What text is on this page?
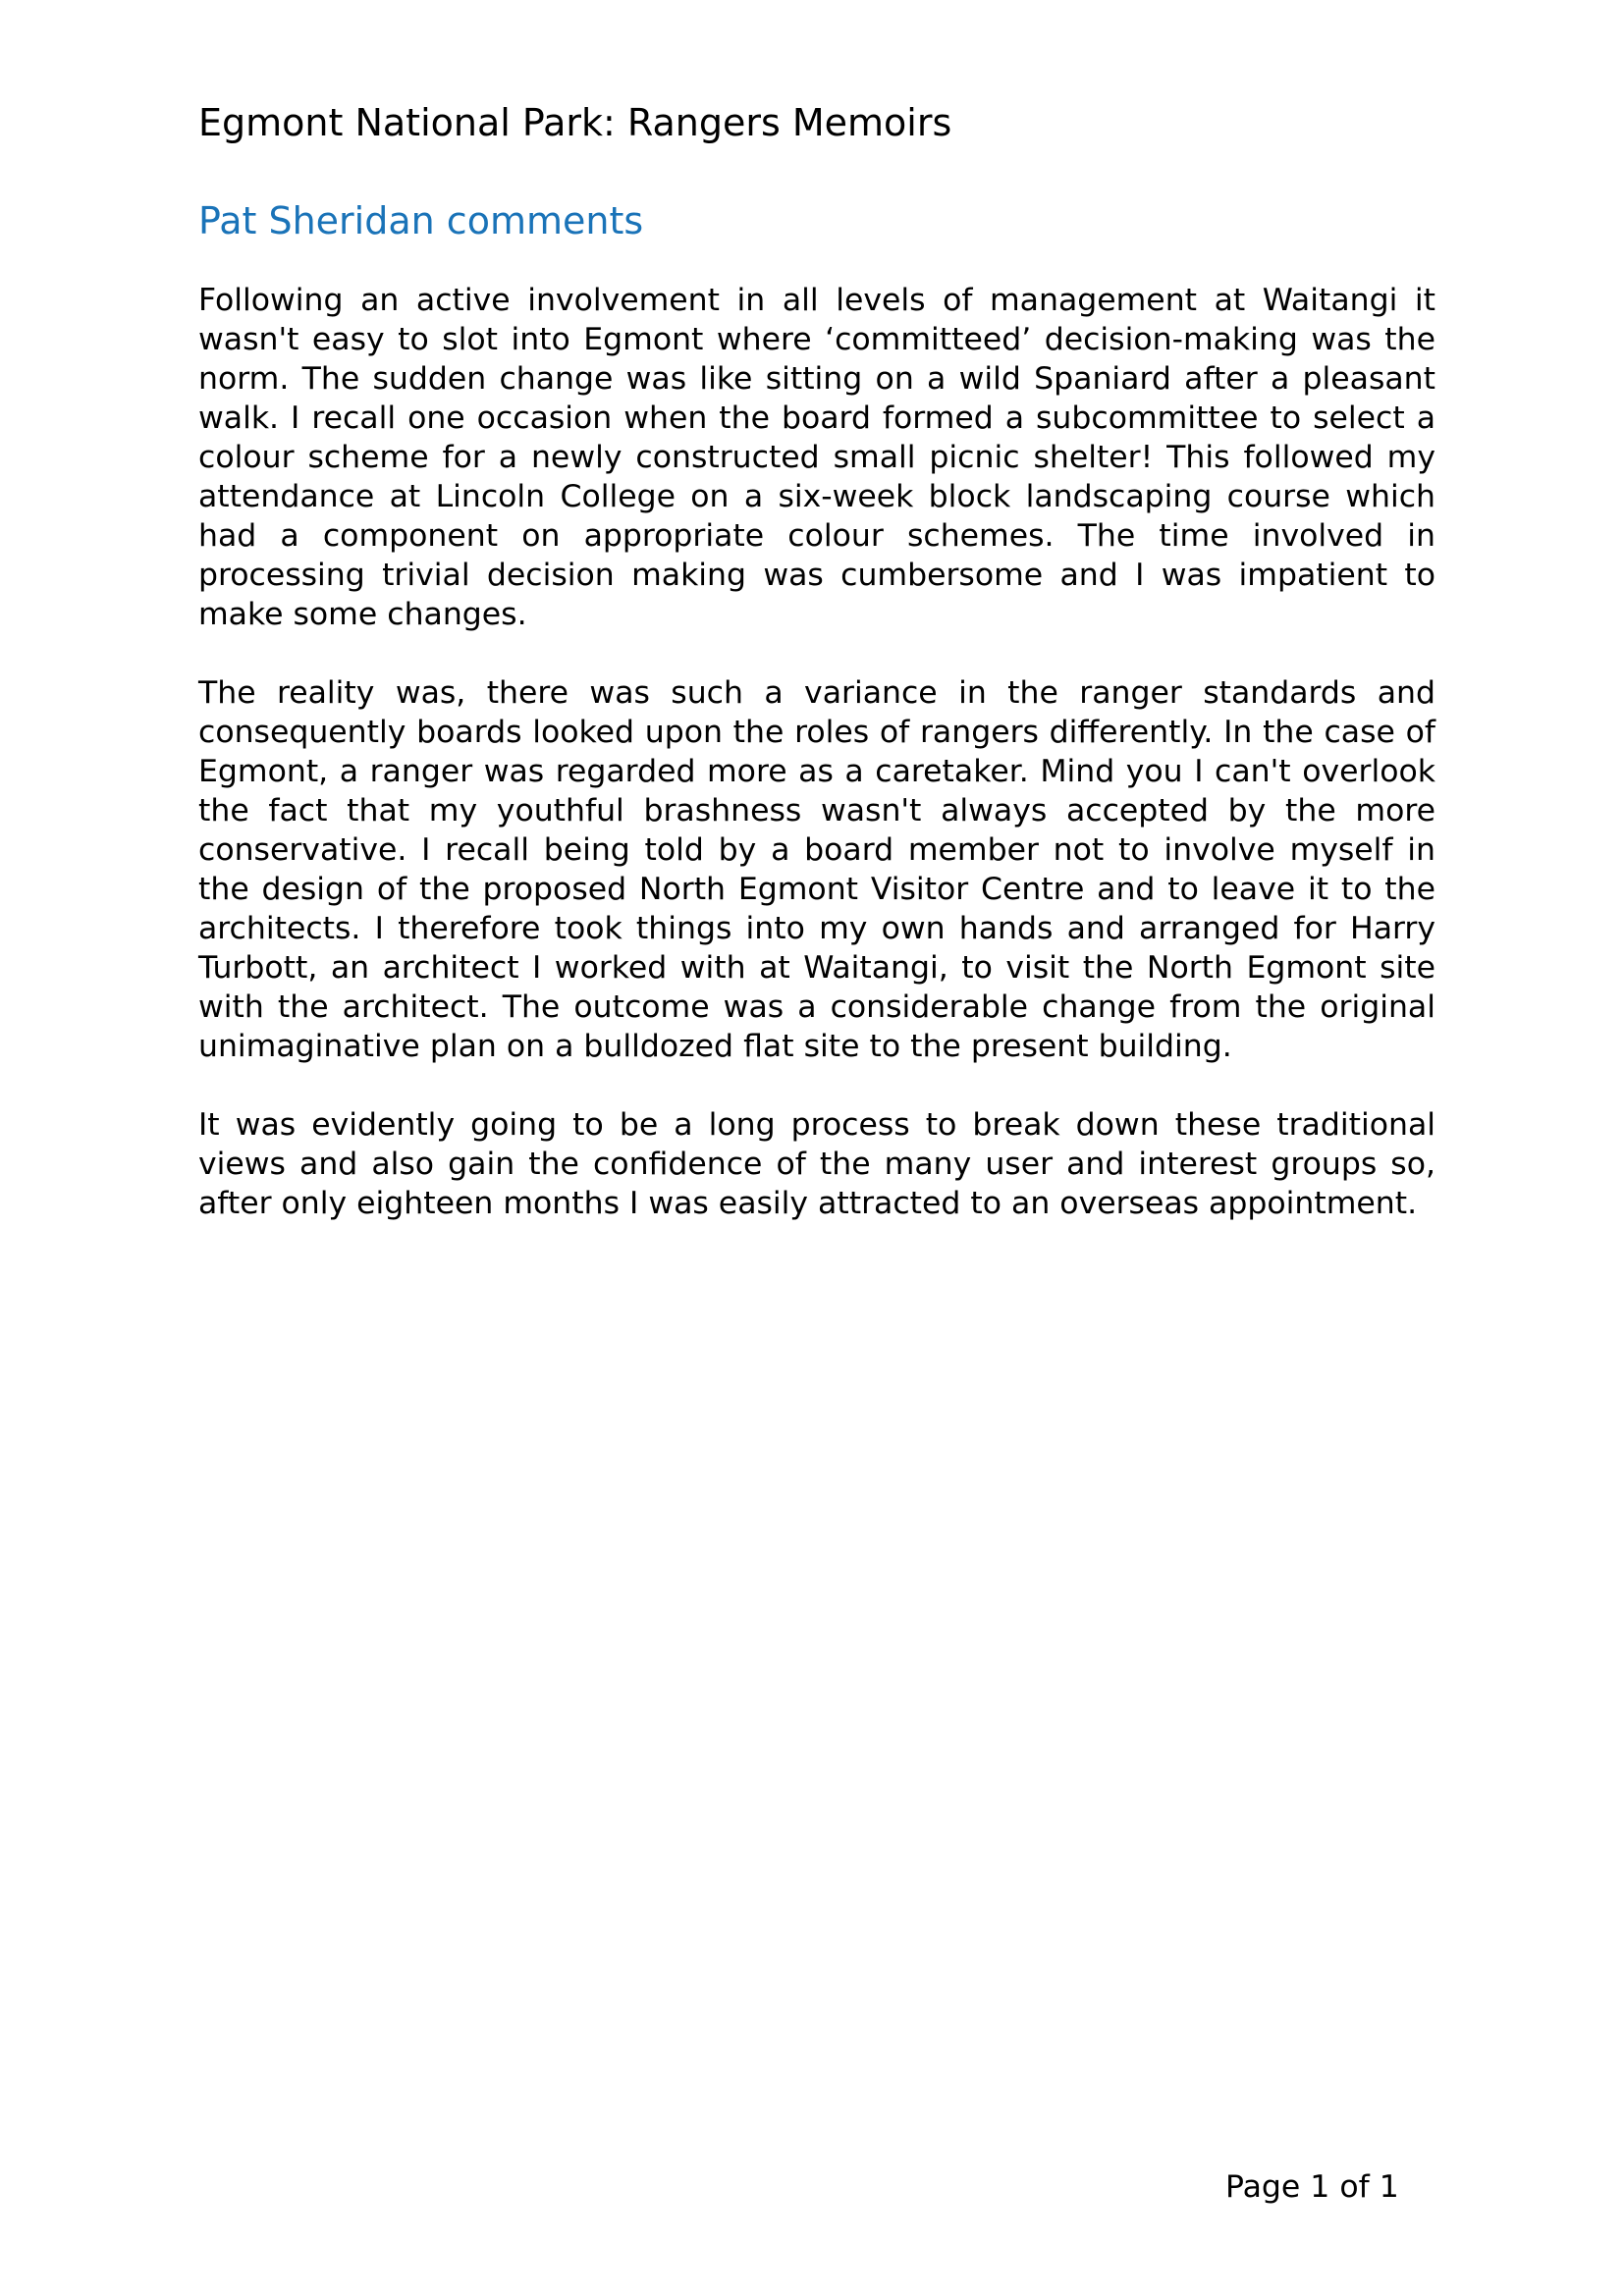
Egmont National Park: Rangers Memoirs
Pat Sheridan comments

Following an active involvement in all levels of management at Waitangi it wasn't easy to slot into Egmont where ‘committeed’ decision-making was the norm. The sudden change was like sitting on a wild Spaniard after a pleasant walk. I recall one occasion when the board formed a subcommittee to select a colour scheme for a newly constructed small picnic shelter! This followed my attendance at Lincoln College on a six-week block landscaping course which had a component on appropriate colour schemes. The time involved in processing trivial decision making was cumbersome and I was impatient to make some changes.

The reality was, there was such a variance in the ranger standards and consequently boards looked upon the roles of rangers differently. In the case of Egmont, a ranger was regarded more as a caretaker. Mind you I can't overlook the fact that my youthful brashness wasn't always accepted by the more conservative. I recall being told by a board member not to involve myself in the design of the proposed North Egmont Visitor Centre and to leave it to the architects. I therefore took things into my own hands and arranged for Harry Turbott, an architect I worked with at Waitangi, to visit the North Egmont site with the architect. The outcome was a considerable change from the original unimaginative plan on a bulldozed flat site to the present building.

It was evidently going to be a long process to break down these traditional views and also gain the confidence of the many user and interest groups so, after only eighteen months I was easily attracted to an overseas appointment.

Page 1 of 1
